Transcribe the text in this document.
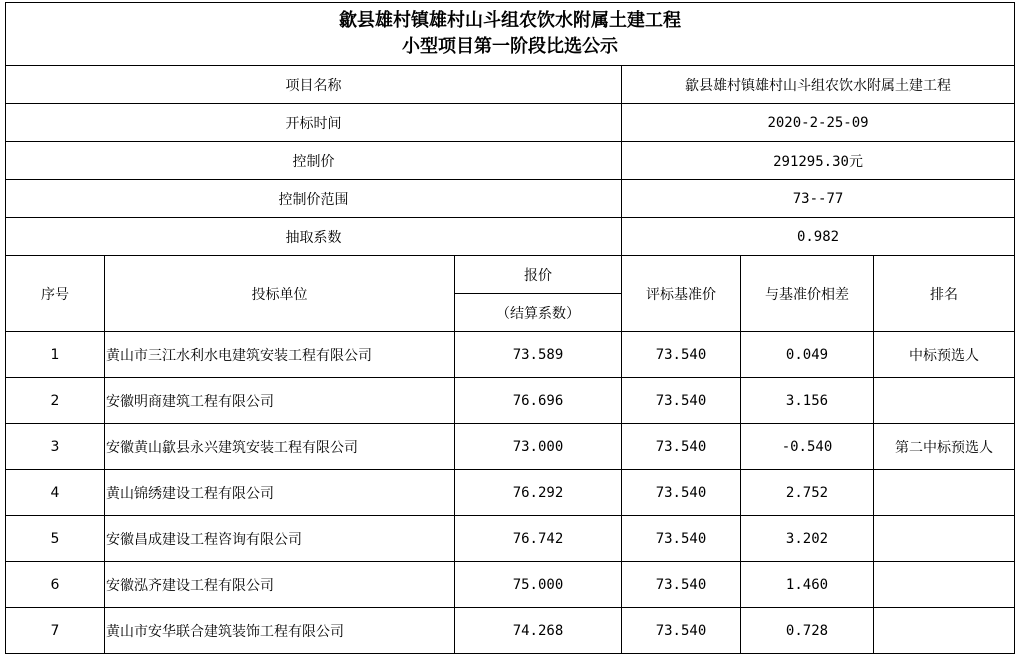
歙县雄村镇雄村山斗组农饮水附属土建工程
小型项目第一阶段比选公示					

项目名称			歙县雄村镇雄村山斗组农饮水附属土建工程		
开标时间			2020-2-25-09		
控制价			291295.30元		
控制价范围			73--77		
抽取系数			0.982		
序号	投标单位	报价	评标基准价	与基准价相差	排名
		（结算系数）			
1	黄山市三江水利水电建筑安装工程有限公司	73.589	73.540	0.049	中标预选人
2	安徽明商建筑工程有限公司	76.696	73.540	3.156	
3	安徽黄山歙县永兴建筑安装工程有限公司	73.000	73.540	-0.540	第二中标预选人
4	黄山锦绣建设工程有限公司	76.292	73.540	2.752	
5	安徽昌成建设工程咨询有限公司	76.742	73.540	3.202	
6	安徽泓齐建设工程有限公司	75.000	73.540	1.460	
7	黄山市安华联合建筑装饰工程有限公司	74.268	73.540	0.728	
